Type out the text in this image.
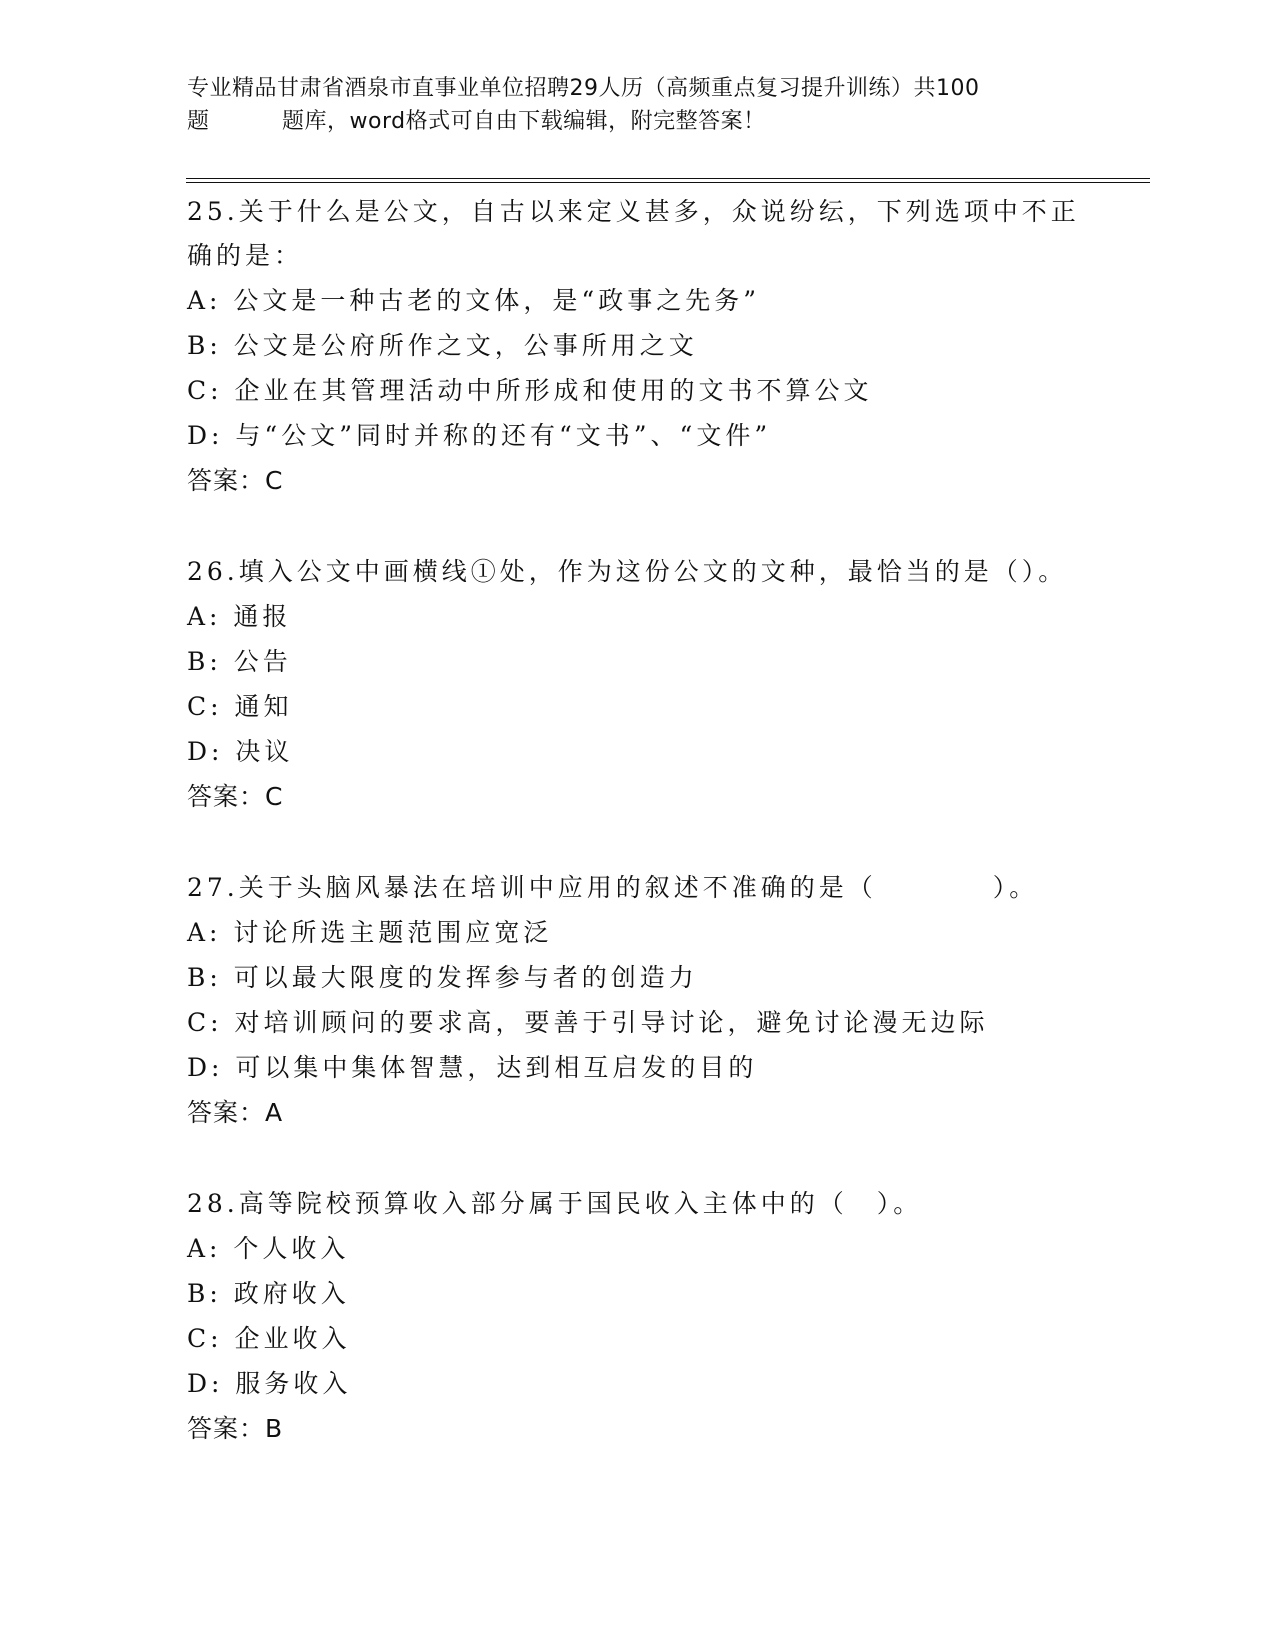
专业精品甘肃省酒泉市直事业单位招聘29人历（高频重点复习提升训练）共100
题	题库，word格式可自由下载编辑，附完整答案！
25.关于什么是公文，自古以来定义甚多，众说纷纭，下列选项中不正
确的是：
A: 公文是一种古老的文体，是“政事之先务”
B: 公文是公府所作之文，公事所用之文
C: 企业在其管理活动中所形成和使用的文书不算公文
D: 与“公文”同时并称的还有“文书”、“文件”
答案：C
26.填入公文中画横线①处，作为这份公文的文种，最恰当的是（）。
A: 通报
B: 公告
C: 通知
D: 决议
答案：C
27.关于头脑风暴法在培训中应用的叙述不准确的是（　　　　）。
A: 讨论所选主题范围应宽泛
B: 可以最大限度的发挥参与者的创造力
C: 对培训顾问的要求高，要善于引导讨论，避免讨论漫无边际
D: 可以集中集体智慧，达到相互启发的目的
答案：A
28.高等院校预算收入部分属于国民收入主体中的（　）。
A: 个人收入
B: 政府收入
C: 企业收入
D: 服务收入
答案：B
